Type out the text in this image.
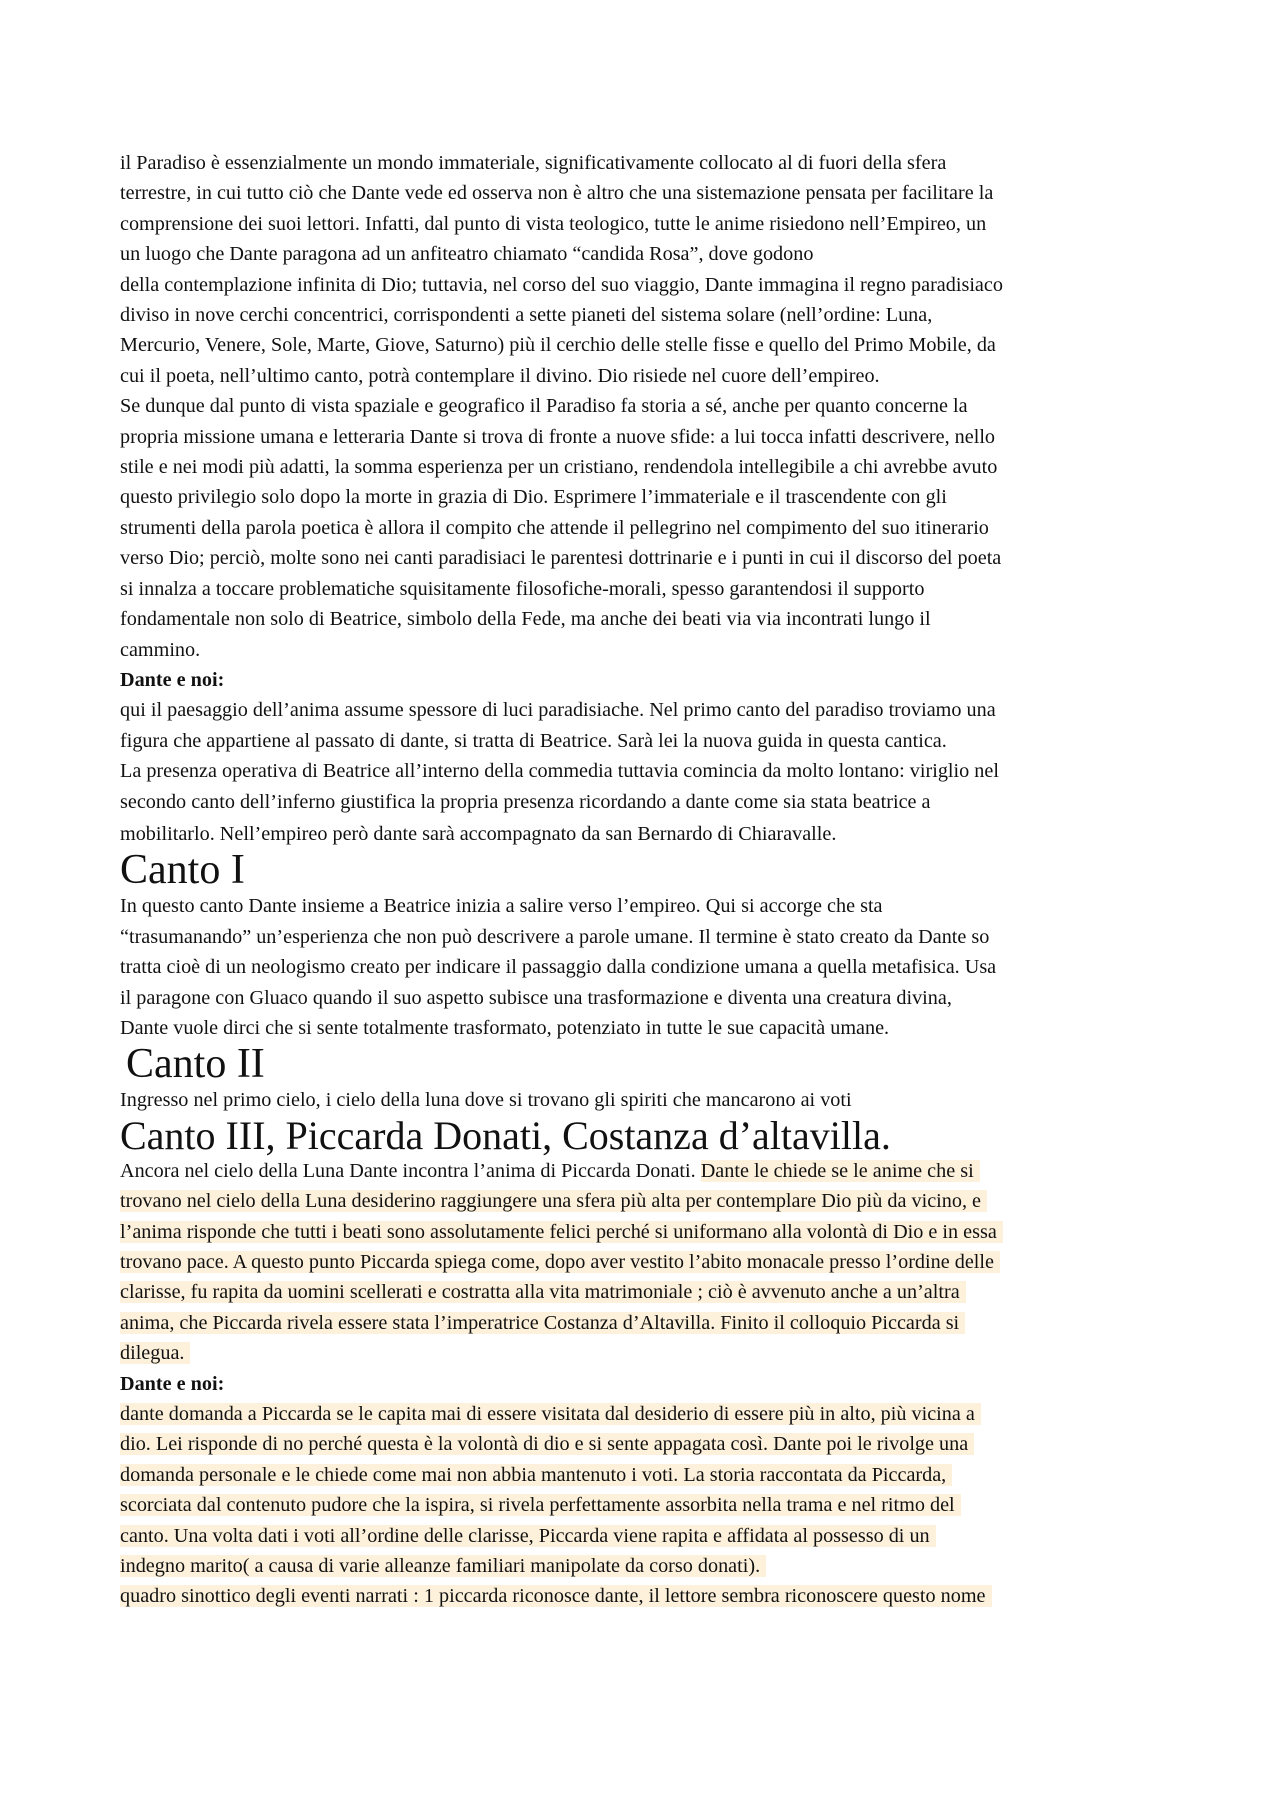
il Paradiso è essenzialmente un mondo immateriale, significativamente collocato al di fuori della sfera
terrestre, in cui tutto ciò che Dante vede ed osserva non è altro che una sistemazione pensata per facilitare la
comprensione dei suoi lettori. Infatti, dal punto di vista teologico, tutte le anime risiedono nell’Empireo, un
un luogo che Dante paragona ad un anfiteatro chiamato “candida Rosa”, dove godono
della contemplazione infinita di Dio; tuttavia, nel corso del suo viaggio, Dante immagina il regno paradisiaco
diviso in nove cerchi concentrici, corrispondenti a sette pianeti del sistema solare (nell’ordine: Luna,
Mercurio, Venere, Sole, Marte, Giove, Saturno) più il cerchio delle stelle fisse e quello del Primo Mobile, da
cui il poeta, nell’ultimo canto, potrà contemplare il divino. Dio risiede nel cuore dell’empireo.
Se dunque dal punto di vista spaziale e geografico il Paradiso fa storia a sé, anche per quanto concerne la
propria missione umana e letteraria Dante si trova di fronte a nuove sfide: a lui tocca infatti descrivere, nello
stile e nei modi più adatti, la somma esperienza per un cristiano, rendendola intellegibile a chi avrebbe avuto
questo privilegio solo dopo la morte in grazia di Dio. Esprimere l’immateriale e il trascendente con gli
strumenti della parola poetica è allora il compito che attende il pellegrino nel compimento del suo itinerario
verso Dio; perciò, molte sono nei canti paradisiaci le parentesi dottrinarie e i punti in cui il discorso del poeta
si innalza a toccare problematiche squisitamente filosofiche-morali, spesso garantendosi il supporto
fondamentale non solo di Beatrice, simbolo della Fede, ma anche dei beati via via incontrati lungo il
cammino.
Dante e noi:
qui il paesaggio dell’anima assume spessore di luci paradisiache. Nel primo canto del paradiso troviamo una
figura che appartiene al passato di dante, si tratta di Beatrice. Sarà lei la nuova guida in questa cantica.
La presenza operativa di Beatrice all’interno della commedia tuttavia comincia da molto lontano: viriglio nel
secondo canto dell’inferno giustifica la propria presenza ricordando a dante come sia stata beatrice a
mobilitarlo. Nell’empireo però dante sarà accompagnato da san Bernardo di Chiaravalle.
Canto I
In questo canto Dante insieme a Beatrice inizia a salire verso l’empireo. Qui si accorge che sta
“trasumanando” un’esperienza che non può descrivere a parole umane. Il termine è stato creato da Dante so
tratta cioè di un neologismo creato per indicare il passaggio dalla condizione umana a quella metafisica. Usa
il paragone con Gluaco quando il suo aspetto subisce una trasformazione e diventa una creatura divina,
Dante vuole dirci che si sente totalmente trasformato, potenziato in tutte le sue capacità umane.
Canto II
Ingresso nel primo cielo, i cielo della luna dove si trovano gli spiriti che mancarono ai voti
Canto III, Piccarda Donati, Costanza d’altavilla.
Ancora nel cielo della Luna Dante incontra l’anima di Piccarda Donati. Dante le chiede se le anime che si
trovano nel cielo della Luna desiderino raggiungere una sfera più alta per contemplare Dio più da vicino, e
l’anima risponde che tutti i beati sono assolutamente felici perché si uniformano alla volontà di Dio e in essa
trovano pace. A questo punto Piccarda spiega come, dopo aver vestito l’abito monacale presso l’ordine delle
clarisse, fu rapita da uomini scellerati e costratta alla vita matrimoniale ; ciò è avvenuto anche a un’altra
anima, che Piccarda rivela essere stata l’imperatrice Costanza d’Altavilla. Finito il colloquio Piccarda si
dilegua.
Dante e noi:
dante domanda a Piccarda se le capita mai di essere visitata dal desiderio di essere più in alto, più vicina a
dio. Lei risponde di no perché questa è la volontà di dio e si sente appagata così. Dante poi le rivolge una
domanda personale e le chiede come mai non abbia mantenuto i voti. La storia raccontata da Piccarda,
scorciata dal contenuto pudore che la ispira, si rivela perfettamente assorbita nella trama e nel ritmo del
canto. Una volta dati i voti all’ordine delle clarisse, Piccarda viene rapita e affidata al possesso di un
indegno marito( a causa di varie alleanze familiari manipolate da corso donati).
quadro sinottico degli eventi narrati : 1 piccarda riconosce dante, il lettore sembra riconoscere questo nome
